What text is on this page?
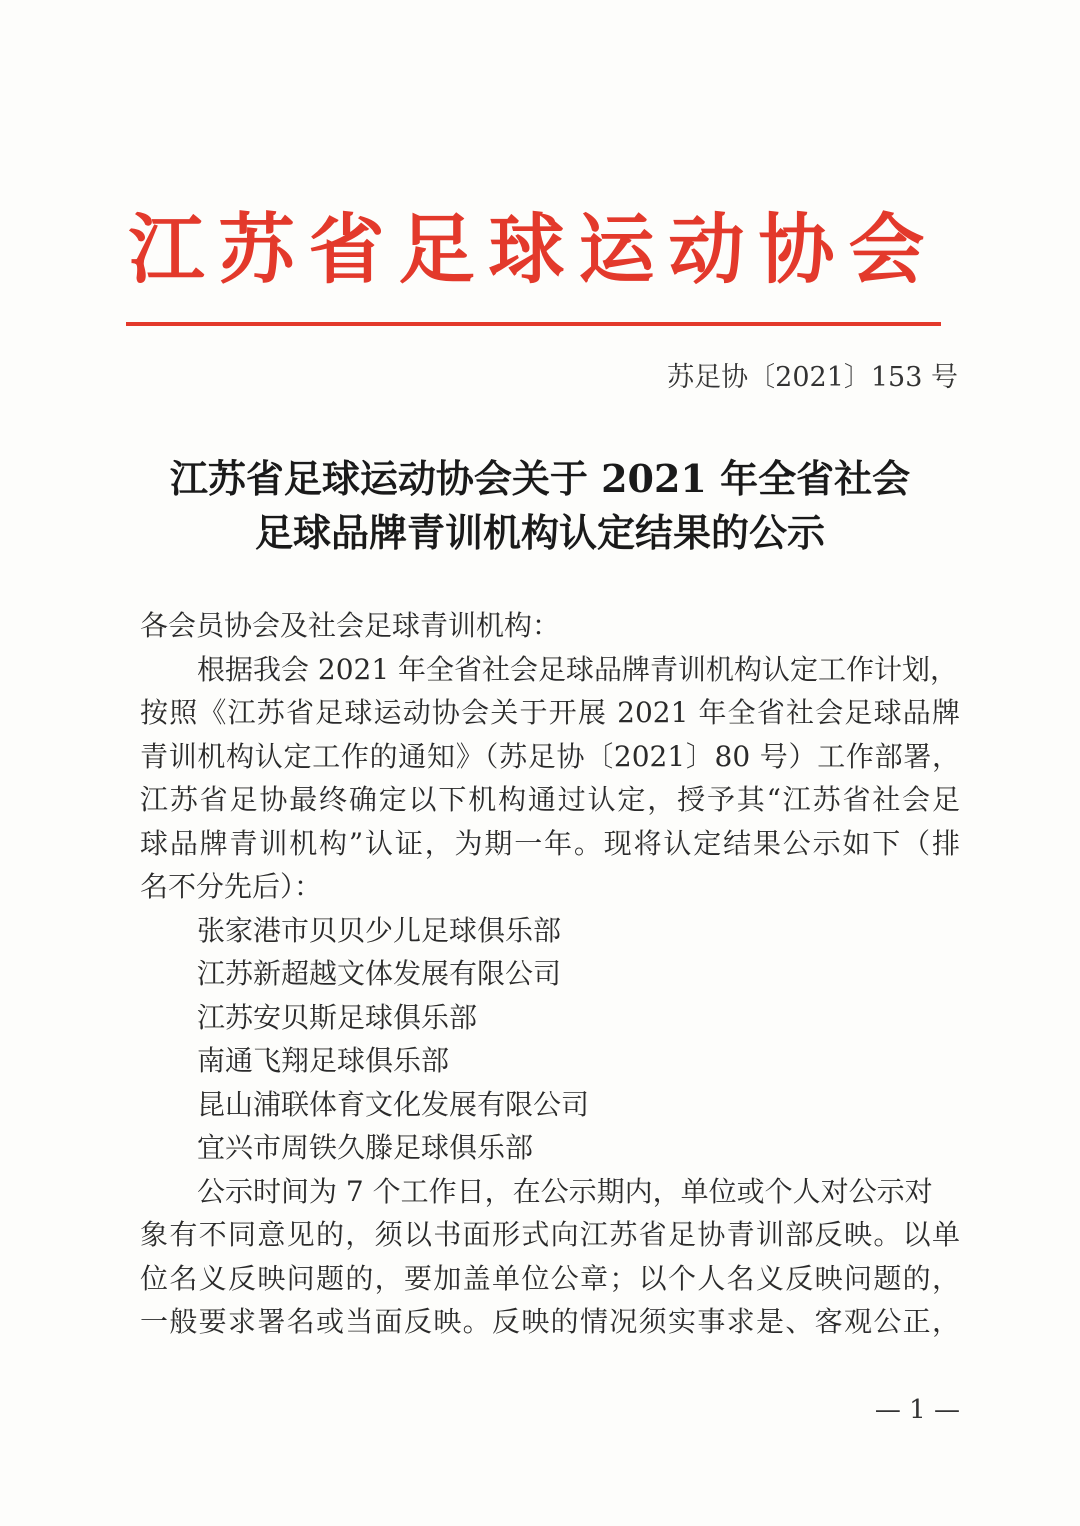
江苏省足球运动协会
苏足协〔2021〕153 号
江苏省足球运动协会关于 2021 年全省社会
足球品牌青训机构认定结果的公示
各会员协会及社会足球青训机构：
根据我会 2021 年全省社会足球品牌青训机构认定工作计划，
按照《江苏省足球运动协会关于开展 2021 年全省社会足球品牌
青训机构认定工作的通知》（苏足协〔2021〕80 号）工作部署，
江苏省足协最终确定以下机构通过认定，授予其“江苏省社会足
球品牌青训机构”认证，为期一年。现将认定结果公示如下（排
名不分先后）：
张家港市贝贝少儿足球俱乐部
江苏新超越文体发展有限公司
江苏安贝斯足球俱乐部
南通飞翔足球俱乐部
昆山浦联体育文化发展有限公司
宜兴市周铁久滕足球俱乐部
公示时间为 7 个工作日，在公示期内，单位或个人对公示对
象有不同意见的，须以书面形式向江苏省足协青训部反映。以单
位名义反映问题的，要加盖单位公章；以个人名义反映问题的，
一般要求署名或当面反映。反映的情况须实事求是、客观公正，
— 1 —
